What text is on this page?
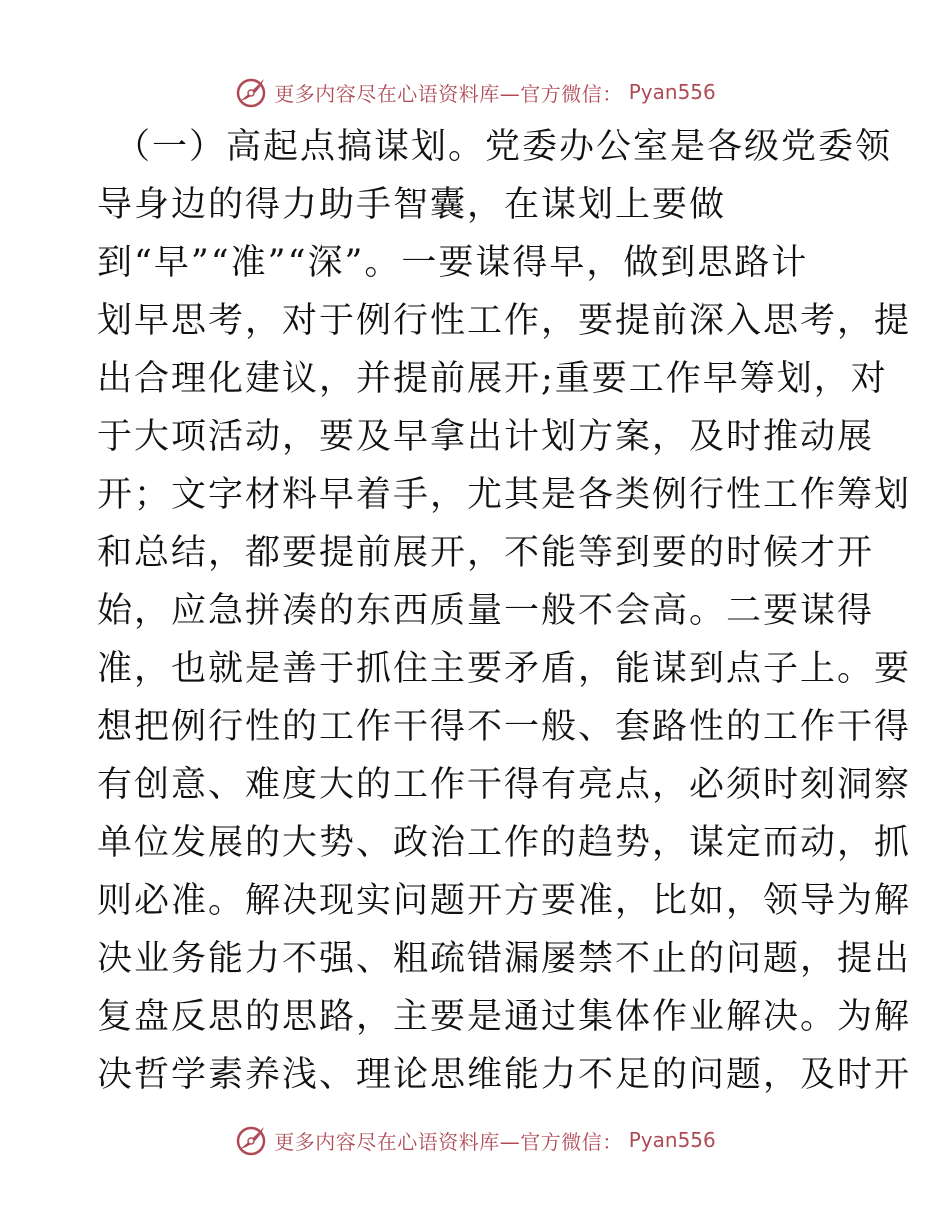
更多内容尽在心语资料库—官方微信： Pyan556
（一）高起点搞谋划。党委办公室是各级党委领
导身边的得力助手智囊，在谋划上要做
到“早”“准”“深”。一要谋得早，做到思路计
划早思考，对于例行性工作，要提前深入思考，提
出合理化建议，并提前展开;重要工作早筹划，对
于大项活动，要及早拿出计划方案，及时推动展
开；文字材料早着手，尤其是各类例行性工作筹划
和总结，都要提前展开，不能等到要的时候才开
始，应急拼凑的东西质量一般不会高。二要谋得
准，也就是善于抓住主要矛盾，能谋到点子上。要
想把例行性的工作干得不一般、套路性的工作干得
有创意、难度大的工作干得有亮点，必须时刻洞察
单位发展的大势、政治工作的趋势，谋定而动，抓
则必准。解决现实问题开方要准，比如，领导为解
决业务能力不强、粗疏错漏屡禁不止的问题，提出
复盘反思的思路，主要是通过集体作业解决。为解
决哲学素养浅、理论思维能力不足的问题，及时开
更多内容尽在心语资料库—官方微信： Pyan556
